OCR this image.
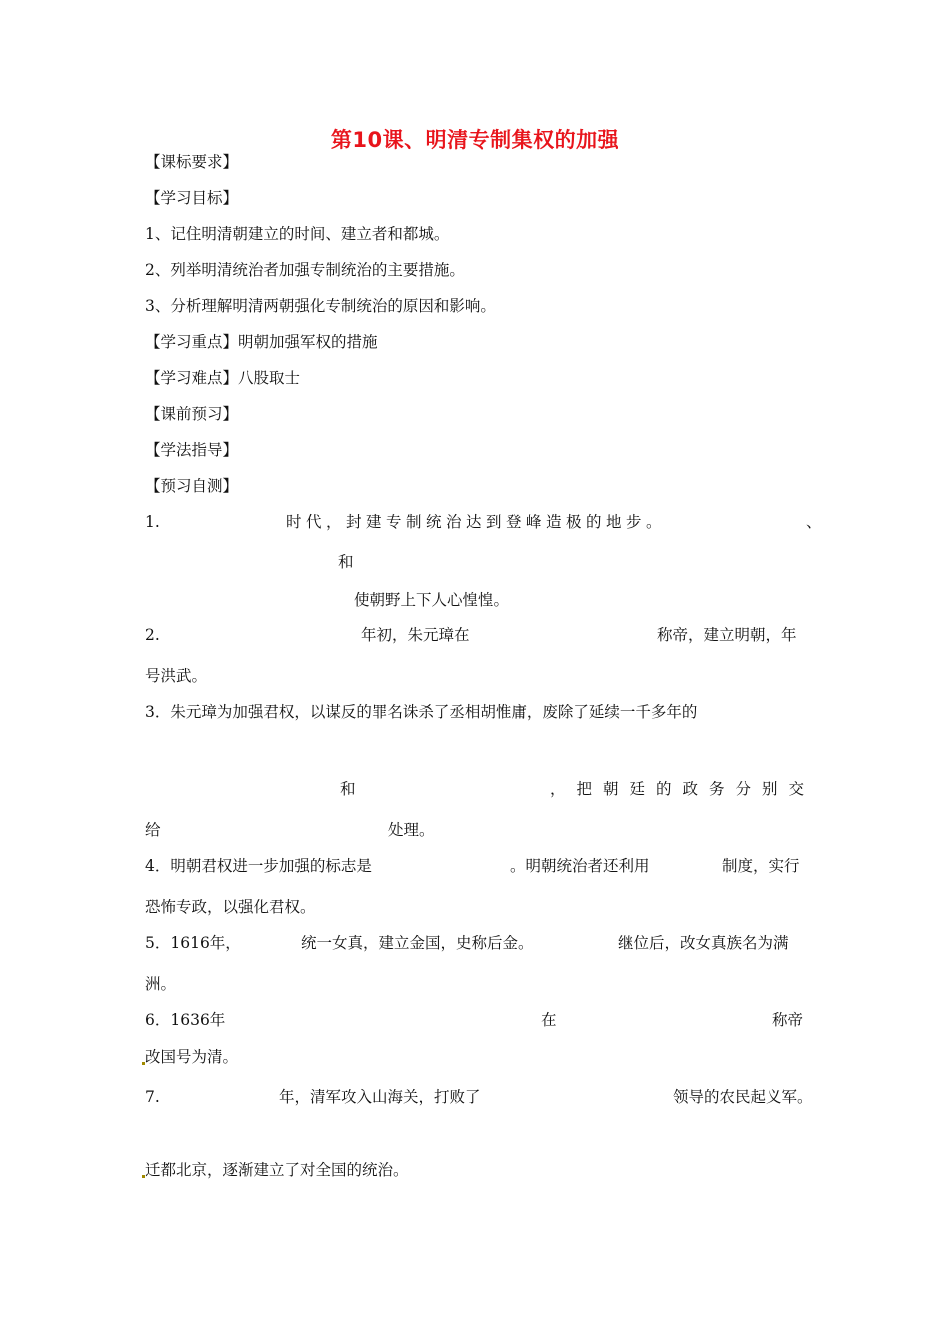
第10课、明清专制集权的加强
【课标要求】
【学习目标】
1、记住明清朝建立的时间、建立者和都城。
2、列举明清统治者加强专制统治的主要措施。
3、分析理解明清两朝强化专制统治的原因和影响。
【学习重点】明朝加强军权的措施
【学习难点】八股取士
【课前预习】
【学法指导】
【预习自测】
1.	时代，封建专制统治达到登峰造极的地步。	、
和
使朝野上下人心惶惶。
2.	年初，朱元璋在	称帝，建立明朝，年
号洪武。
3．朱元璋为加强君权，以谋反的罪名诛杀了丞相胡惟庸，废除了延续一千多年的
和	，把朝廷的政务分别交
给	处理。
4．明朝君权进一步加强的标志是	。明朝统治者还利用	制度，实行
恐怖专政，以强化君权。
5．1616年，	统一女真，建立金国，史称后金。	继位后，改女真族名为满
洲。
6．1636年	在	称帝
改国号为清。
7.	年，清军攻入山海关，打败了	领导的农民起义军。
迁都北京，逐渐建立了对全国的统治。
